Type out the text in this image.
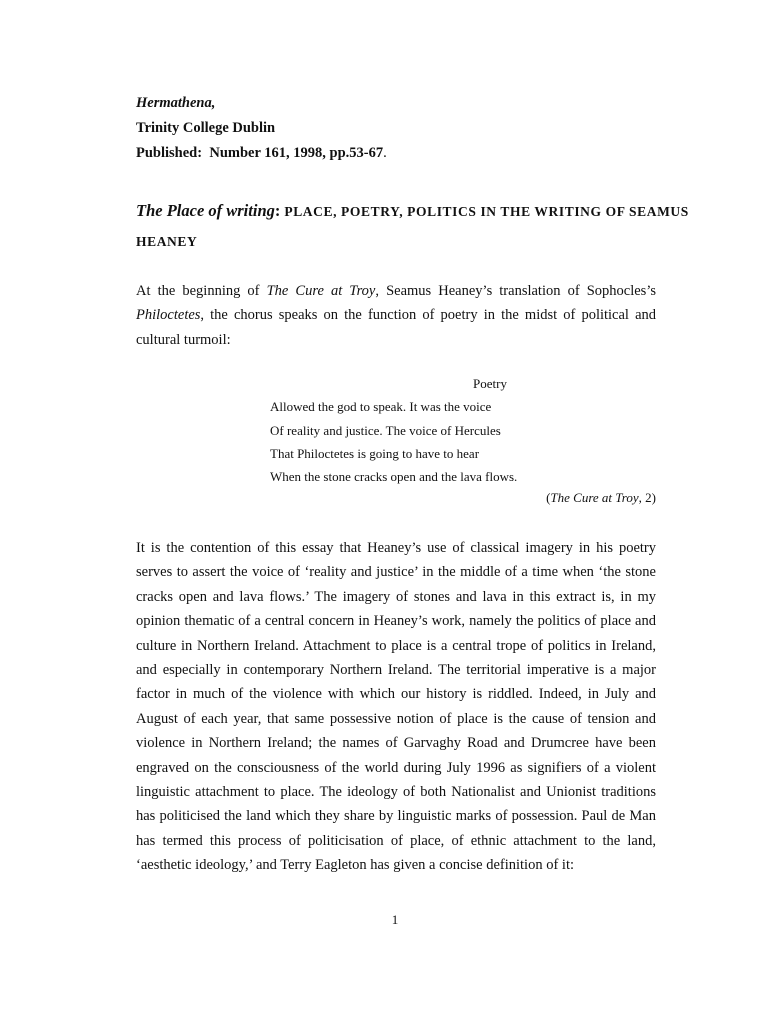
Hermathena,
Trinity College Dublin
Published: Number 161, 1998, pp.53-67.
The Place of writing: PLACE, POETRY, POLITICS IN THE WRITING OF SEAMUS HEANEY
At the beginning of The Cure at Troy, Seamus Heaney’s translation of Sophocles’s Philoctetes, the chorus speaks on the function of poetry in the midst of political and cultural turmoil:
Poetry
Allowed the god to speak. It was the voice
Of reality and justice. The voice of Hercules
That Philoctetes is going to have to hear
When the stone cracks open and the lava flows.
(The Cure at Troy, 2)
It is the contention of this essay that Heaney’s use of classical imagery in his poetry serves to assert the voice of ‘reality and justice’ in the middle of a time when ‘the stone cracks open and lava flows.’ The imagery of stones and lava in this extract is, in my opinion thematic of a central concern in Heaney’s work, namely the politics of place and culture in Northern Ireland. Attachment to place is a central trope of politics in Ireland, and especially in contemporary Northern Ireland. The territorial imperative is a major factor in much of the violence with which our history is riddled. Indeed, in July and August of each year, that same possessive notion of place is the cause of tension and violence in Northern Ireland; the names of Garvaghy Road and Drumcree have been engraved on the consciousness of the world during July 1996 as signifiers of a violent linguistic attachment to place. The ideology of both Nationalist and Unionist traditions has politicised the land which they share by linguistic marks of possession. Paul de Man has termed this process of politicisation of place, of ethnic attachment to the land, ‘aesthetic ideology,’ and Terry Eagleton has given a concise definition of it:
1
